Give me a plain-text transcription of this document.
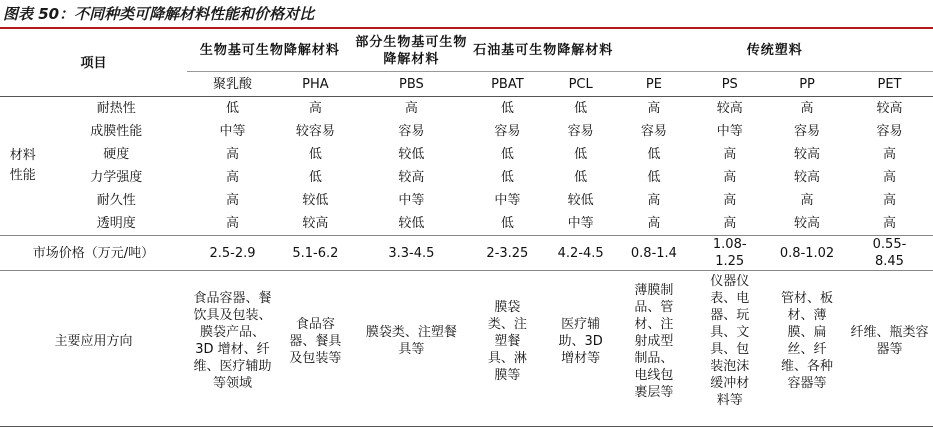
图表 50：不同种类可降解材料性能和价格对比
项目		生物基可生物降解材料		部分生物基可生物降解材料	石油基可生物降解材料		传统塑料			
		聚乳酸	PHA	PBS	PBAT	PCL	PE	PS	PP	PET

材料性能	耐热性	低	高	高	低	低	高	较高	高	较高
	成膜性能	中等	较容易	容易	容易	容易	容易	中等	容易	容易
	硬度	高	低	较低	低	低	低	高	较高	高
	力学强度	高	低	较高	低	低	低	高	较高	高
	耐久性	高	较低	中等	中等	较低	高	高	高	高
	透明度	高	较高	较低	低	中等	高	高	较高	高
市场价格（万元/吨）		2.5-2.9	5.1-6.2	3.3-4.5	2-3.25	4.2-4.5	0.8-1.4	1.08-1.25	0.8-1.02	0.55-8.45

主要应用方向		食品容器、餐饮具及包装、膜袋产品、3D 增材、纤维、医疗辅助等领域	食品容器、餐具及包装等	膜袋类、注塑餐具等	膜袋类、注塑餐具、淋膜等	医疗辅助、3D 增材等	薄膜制品、管材、注射成型制品、电线包裹层等	仪器仪表、电器、玩具、文具、包装泡沫缓冲材料等	管材、板材、薄膜、扁丝、纤维、各种容器等	纤维、瓶类容器等
